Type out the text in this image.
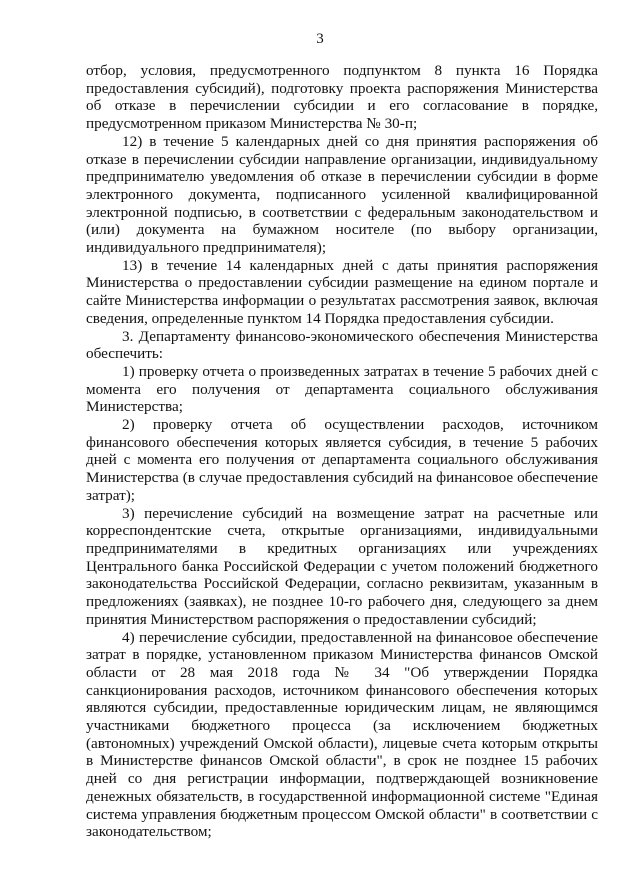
3

отбор, условия, предусмотренного подпунктом 8 пункта 16 Порядка предоставления субсидий), подготовку проекта распоряжения Министерства об отказе в перечислении субсидии и его согласование в порядке, предусмотренном приказом Министерства № 30-п;

12) в течение 5 календарных дней со дня принятия распоряжения об отказе в перечислении субсидии направление организации, индивидуальному предпринимателю уведомления об отказе в перечислении субсидии в форме электронного документа, подписанного усиленной квалифицированной электронной подписью, в соответствии с федеральным законодательством и (или) документа на бумажном носителе (по выбору организации, индивидуального предпринимателя);

13) в течение 14 календарных дней с даты принятия распоряжения Министерства о предоставлении субсидии размещение на едином портале и сайте Министерства информации о результатах рассмотрения заявок, включая сведения, определенные пунктом 14 Порядка предоставления субсидии.

3. Департаменту финансово-экономического обеспечения Министерства обеспечить:

1) проверку отчета о произведенных затратах в течение 5 рабочих дней с момента его получения от департамента социального обслуживания Министерства;

2) проверку отчета об осуществлении расходов, источником финансового обеспечения которых является субсидия, в течение 5 рабочих дней с момента его получения от департамента социального обслуживания Министерства (в случае предоставления субсидий на финансовое обеспечение затрат);

3) перечисление субсидий на возмещение затрат на расчетные или корреспондентские счета, открытые организациями, индивидуальными предпринимателями в кредитных организациях или учреждениях Центрального банка Российской Федерации с учетом положений бюджетного законодательства Российской Федерации, согласно реквизитам, указанным в предложениях (заявках), не позднее 10-го рабочего дня, следующего за днем принятия Министерством распоряжения о предоставлении субсидий;

4) перечисление субсидии, предоставленной на финансовое обеспечение затрат в порядке, установленном приказом Министерства финансов Омской области от 28 мая 2018 года № 34 "Об утверждении Порядка санкционирования расходов, источником финансового обеспечения которых являются субсидии, предоставленные юридическим лицам, не являющимся участниками бюджетного процесса (за исключением бюджетных (автономных) учреждений Омской области), лицевые счета которым открыты в Министерстве финансов Омской области", в срок не позднее 15 рабочих дней со дня регистрации информации, подтверждающей возникновение денежных обязательств, в государственной информационной системе "Единая система управления бюджетным процессом Омской области" в соответствии с законодательством;
